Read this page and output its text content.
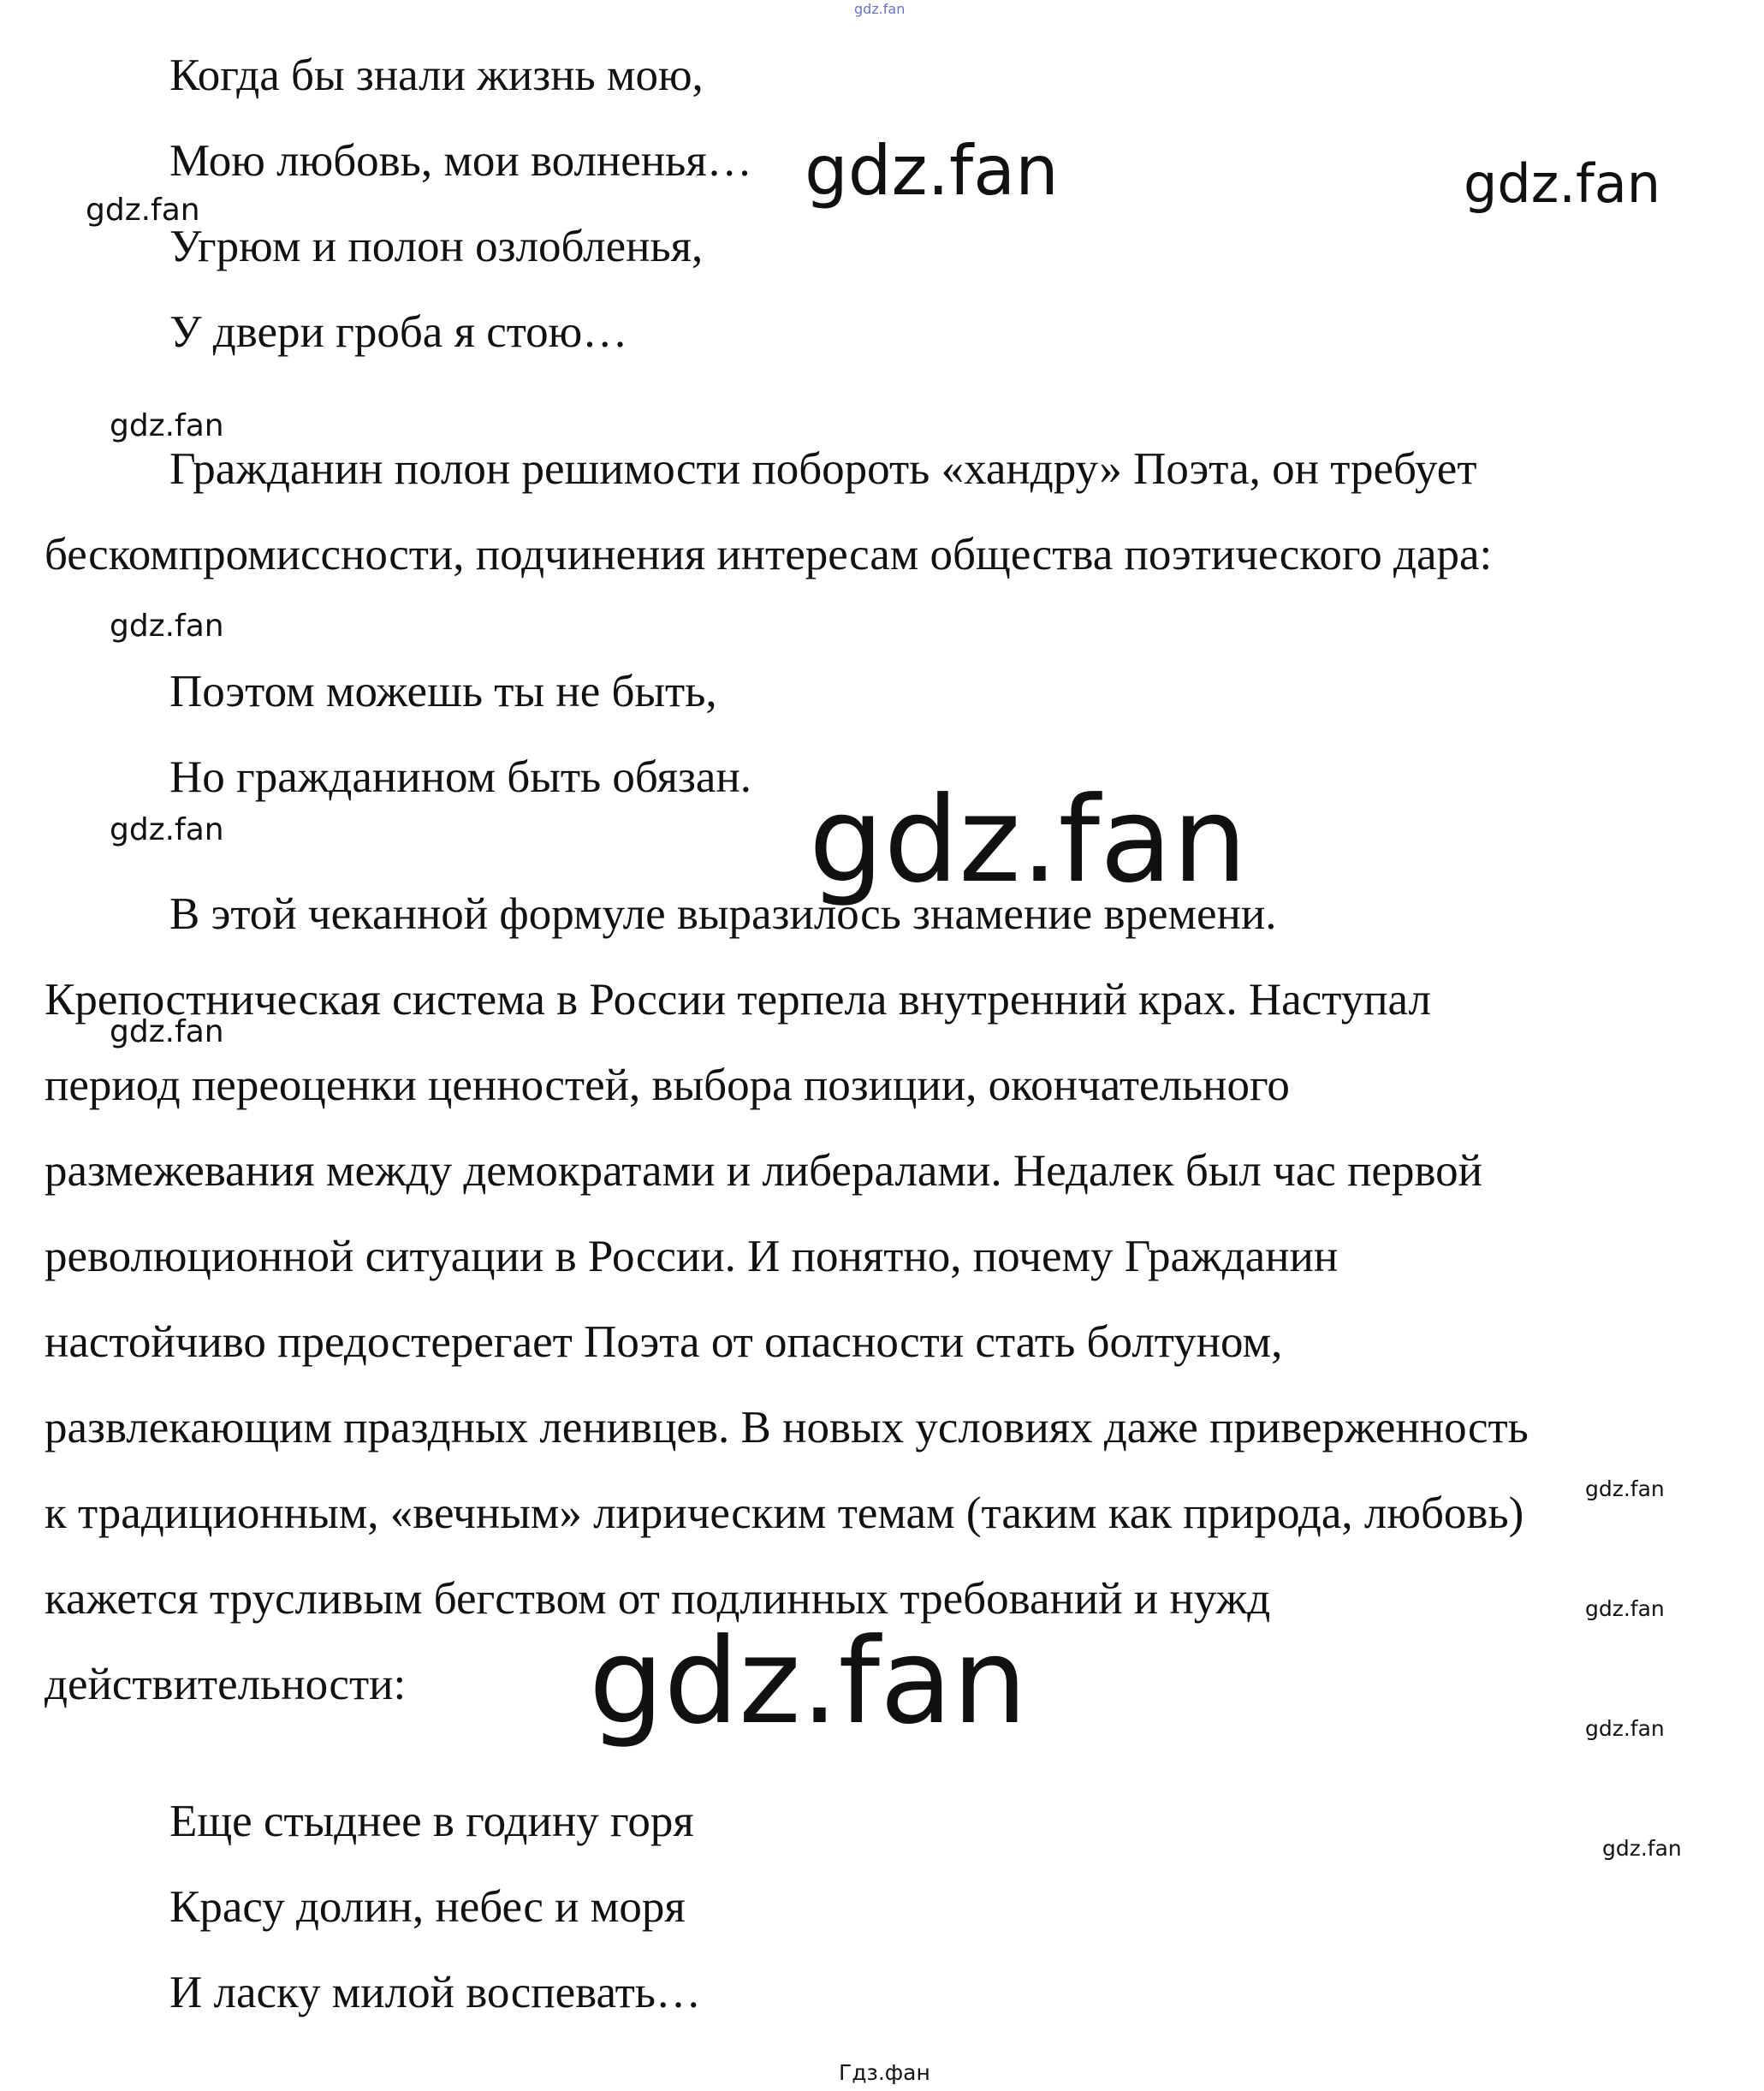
gdz.fan
Когда бы знали жизнь мою,
Мою любовь, мои волненья…
Угрюм и полон озлобленья,
У двери гроба я стою…
Гражданин полон решимости побороть «хандру» Поэта, он требует
бескомпромиссности, подчинения интересам общества поэтического дара:
Поэтом можешь ты не быть,
Но гражданином быть обязан.
В этой чеканной формуле выразилось знамение времени.
Крепостническая система в России терпела внутренний крах. Наступал
период переоценки ценностей, выбора позиции, окончательного
размежевания между демократами и либералами. Недалек был час первой
революционной ситуации в России. И понятно, почему Гражданин
настойчиво предостерегает Поэта от опасности стать болтуном,
развлекающим праздных ленивцев. В новых условиях даже приверженность
к традиционным, «вечным» лирическим темам (таким как природа, любовь)
кажется трусливым бегством от подлинных требований и нужд
действительности:
Еще стыднее в годину горя
Красу долин, небес и моря
И ласку милой воспевать…
gdz.fan	gdz.fan
gdz.fan
gdz.fan
gdz.fan
gdz.fan	gdz.fan
gdz.fan
gdz.fan
gdz.fan
gdz.fan	gdz.fan
gdz.fan
Гдз.фан
